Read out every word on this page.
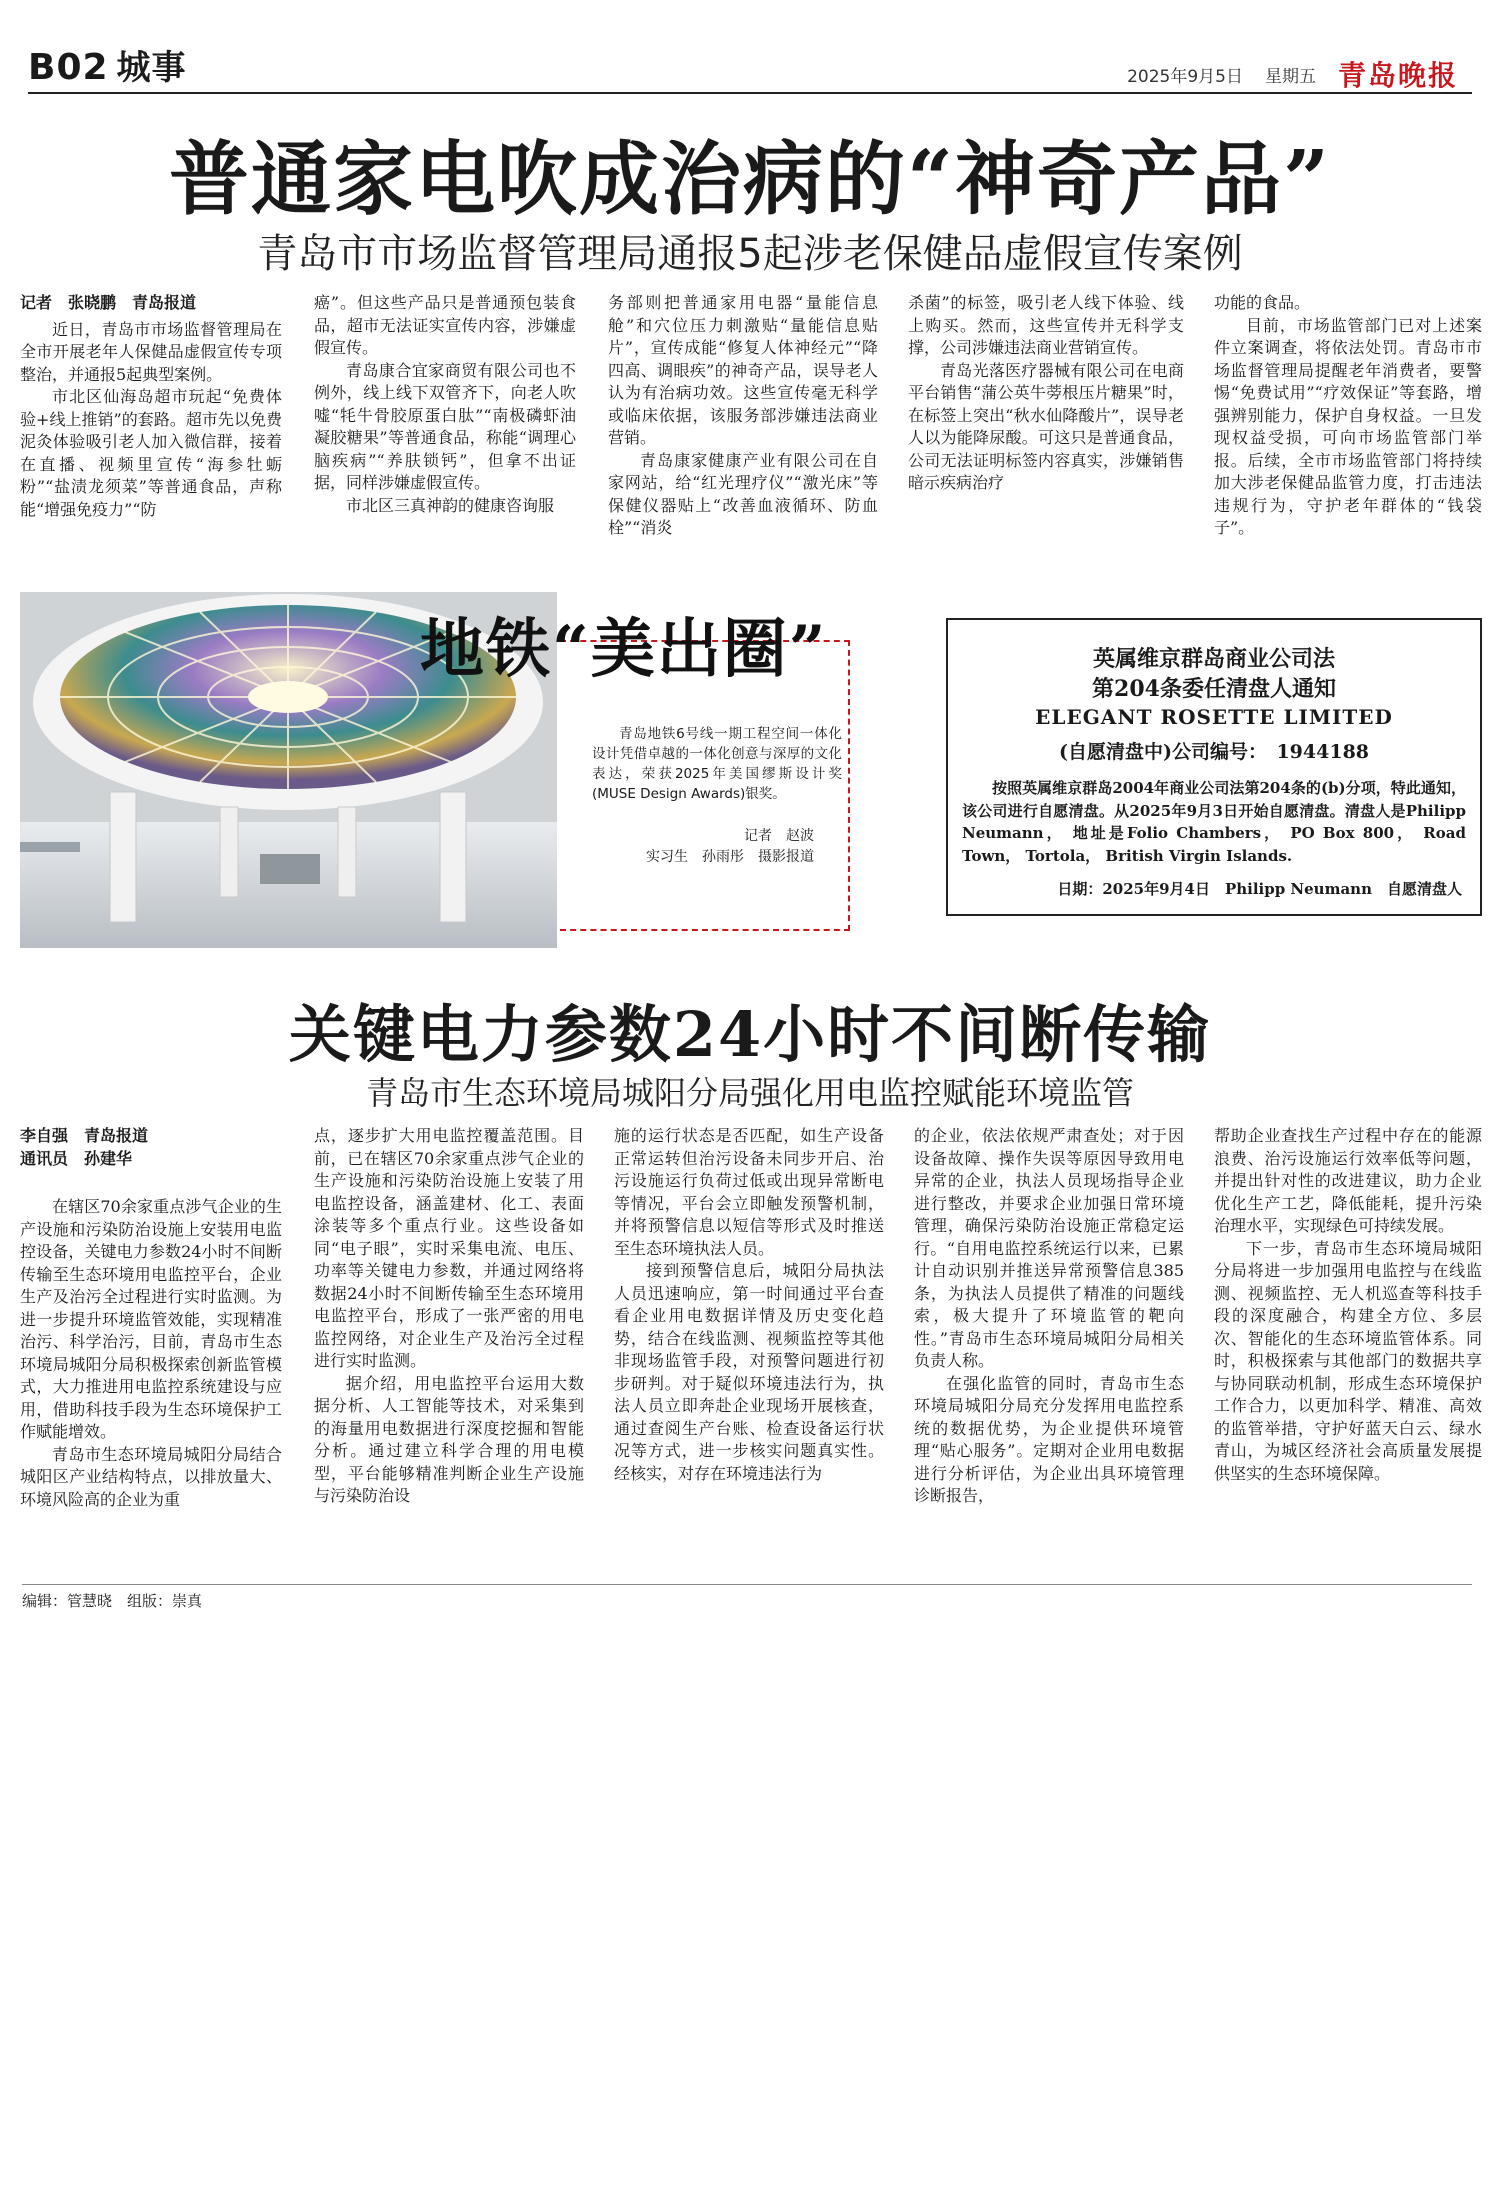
B02 城事	2025年9月5日 星期五 青岛晚报
普通家电吹成治病的“神奇产品”
青岛市市场监督管理局通报5起涉老保健品虚假宣传案例

记者　张晓鹏　青岛报道

近日，青岛市市场监督管理局在全市开展老年人保健品虚假宣传专项整治，并通报5起典型案例。

市北区仙海岛超市玩起“免费体验+线上推销”的套路。超市先以免费泥灸体验吸引老人加入微信群，接着在直播、视频里宣传“海参牡蛎粉”“盐渍龙须菜”等普通食品，声称能“增强免疫力”“防

癌”。但这些产品只是普通预包装食品，超市无法证实宣传内容，涉嫌虚假宣传。

青岛康合宜家商贸有限公司也不例外，线上线下双管齐下，向老人吹嘘“牦牛骨胶原蛋白肽”“南极磷虾油凝胶糖果”等普通食品，称能“调理心脑疾病”“养肤锁钙”，但拿不出证据，同样涉嫌虚假宣传。

市北区三真神韵的健康咨询服

务部则把普通家用电器“量能信息舱”和穴位压力刺激贴“量能信息贴片”，宣传成能“修复人体神经元”“降四高、调眼疾”的神奇产品，误导老人认为有治病功效。这些宣传毫无科学或临床依据，该服务部涉嫌违法商业营销。

青岛康家健康产业有限公司在自家网站，给“红光理疗仪”“激光床”等保健仪器贴上“改善血液循环、防血栓”“消炎

杀菌”的标签，吸引老人线下体验、线上购买。然而，这些宣传并无科学支撑，公司涉嫌违法商业营销宣传。

青岛光落医疗器械有限公司在电商平台销售“蒲公英牛蒡根压片糖果”时，在标签上突出“秋水仙降酸片”，误导老人以为能降尿酸。可这只是普通食品，公司无法证明标签内容真实，涉嫌销售暗示疾病治疗

功能的食品。

目前，市场监管部门已对上述案件立案调查，将依法处罚。青岛市市场监督管理局提醒老年消费者，要警惕“免费试用”“疗效保证”等套路，增强辨别能力，保护自身权益。一旦发现权益受损，可向市场监管部门举报。后续，全市市场监管部门将持续加大涉老保健品监管力度，打击违法违规行为，守护老年群体的“钱袋子”。

地铁“美出圈”

青岛地铁6号线一期工程空间一体化设计凭借卓越的一体化创意与深厚的文化表达，荣获2025年美国缪斯设计奖(MUSE Design Awards)银奖。

记者　赵波
实习生　孙雨彤　摄影报道
英属维京群岛商业公司法
第204条委任清盘人通知
ELEGANT ROSETTE LIMITED
(自愿清盘中)公司编号：　1944188

按照英属维京群岛2004年商业公司法第204条的(b)分项，特此通知，该公司进行自愿清盘。从2025年9月3日开始自愿清盘。清盘人是Philipp Neumann， 地址是Folio Chambers， PO Box 800， Road Town， Tortola， British Virgin Islands.

日期：2025年9月4日　Philipp Neumann　自愿清盘人
关键电力参数24小时不间断传输
青岛市生态环境局城阳分局强化用电监控赋能环境监管

李自强　青岛报道

通讯员　孙建华

在辖区70余家重点涉气企业的生产设施和污染防治设施上安装用电监控设备，关键电力参数24小时不间断传输至生态环境用电监控平台，企业生产及治污全过程进行实时监测。为进一步提升环境监管效能，实现精准治污、科学治污，目前，青岛市生态环境局城阳分局积极探索创新监管模式，大力推进用电监控系统建设与应用，借助科技手段为生态环境保护工作赋能增效。

青岛市生态环境局城阳分局结合城阳区产业结构特点，以排放量大、环境风险高的企业为重

点，逐步扩大用电监控覆盖范围。目前，已在辖区70余家重点涉气企业的生产设施和污染防治设施上安装了用电监控设备，涵盖建材、化工、表面涂装等多个重点行业。这些设备如同“电子眼”，实时采集电流、电压、功率等关键电力参数，并通过网络将数据24小时不间断传输至生态环境用电监控平台，形成了一张严密的用电监控网络，对企业生产及治污全过程进行实时监测。

据介绍，用电监控平台运用大数据分析、人工智能等技术，对采集到的海量用电数据进行深度挖掘和智能分析。通过建立科学合理的用电模型，平台能够精准判断企业生产设施与污染防治设

施的运行状态是否匹配，如生产设备正常运转但治污设备未同步开启、治污设施运行负荷过低或出现异常断电等情况，平台会立即触发预警机制，并将预警信息以短信等形式及时推送至生态环境执法人员。

接到预警信息后，城阳分局执法人员迅速响应，第一时间通过平台查看企业用电数据详情及历史变化趋势，结合在线监测、视频监控等其他非现场监管手段，对预警问题进行初步研判。对于疑似环境违法行为，执法人员立即奔赴企业现场开展核查，通过查阅生产台账、检查设备运行状况等方式，进一步核实问题真实性。经核实，对存在环境违法行为

的企业，依法依规严肃查处；对于因设备故障、操作失误等原因导致用电异常的企业，执法人员现场指导企业进行整改，并要求企业加强日常环境管理，确保污染防治设施正常稳定运行。“自用电监控系统运行以来，已累计自动识别并推送异常预警信息385条，为执法人员提供了精准的问题线索，极大提升了环境监管的靶向性。”青岛市生态环境局城阳分局相关负责人称。

在强化监管的同时，青岛市生态环境局城阳分局充分发挥用电监控系统的数据优势，为企业提供环境管理“贴心服务”。定期对企业用电数据进行分析评估，为企业出具环境管理诊断报告，

帮助企业查找生产过程中存在的能源浪费、治污设施运行效率低等问题，并提出针对性的改进建议，助力企业优化生产工艺，降低能耗，提升污染治理水平，实现绿色可持续发展。

下一步，青岛市生态环境局城阳分局将进一步加强用电监控与在线监测、视频监控、无人机巡查等科技手段的深度融合，构建全方位、多层次、智能化的生态环境监管体系。同时，积极探索与其他部门的数据共享与协同联动机制，形成生态环境保护工作合力，以更加科学、精准、高效的监管举措，守护好蓝天白云、绿水青山，为城区经济社会高质量发展提供坚实的生态环境保障。

编辑：管慧晓　组版：崇真
